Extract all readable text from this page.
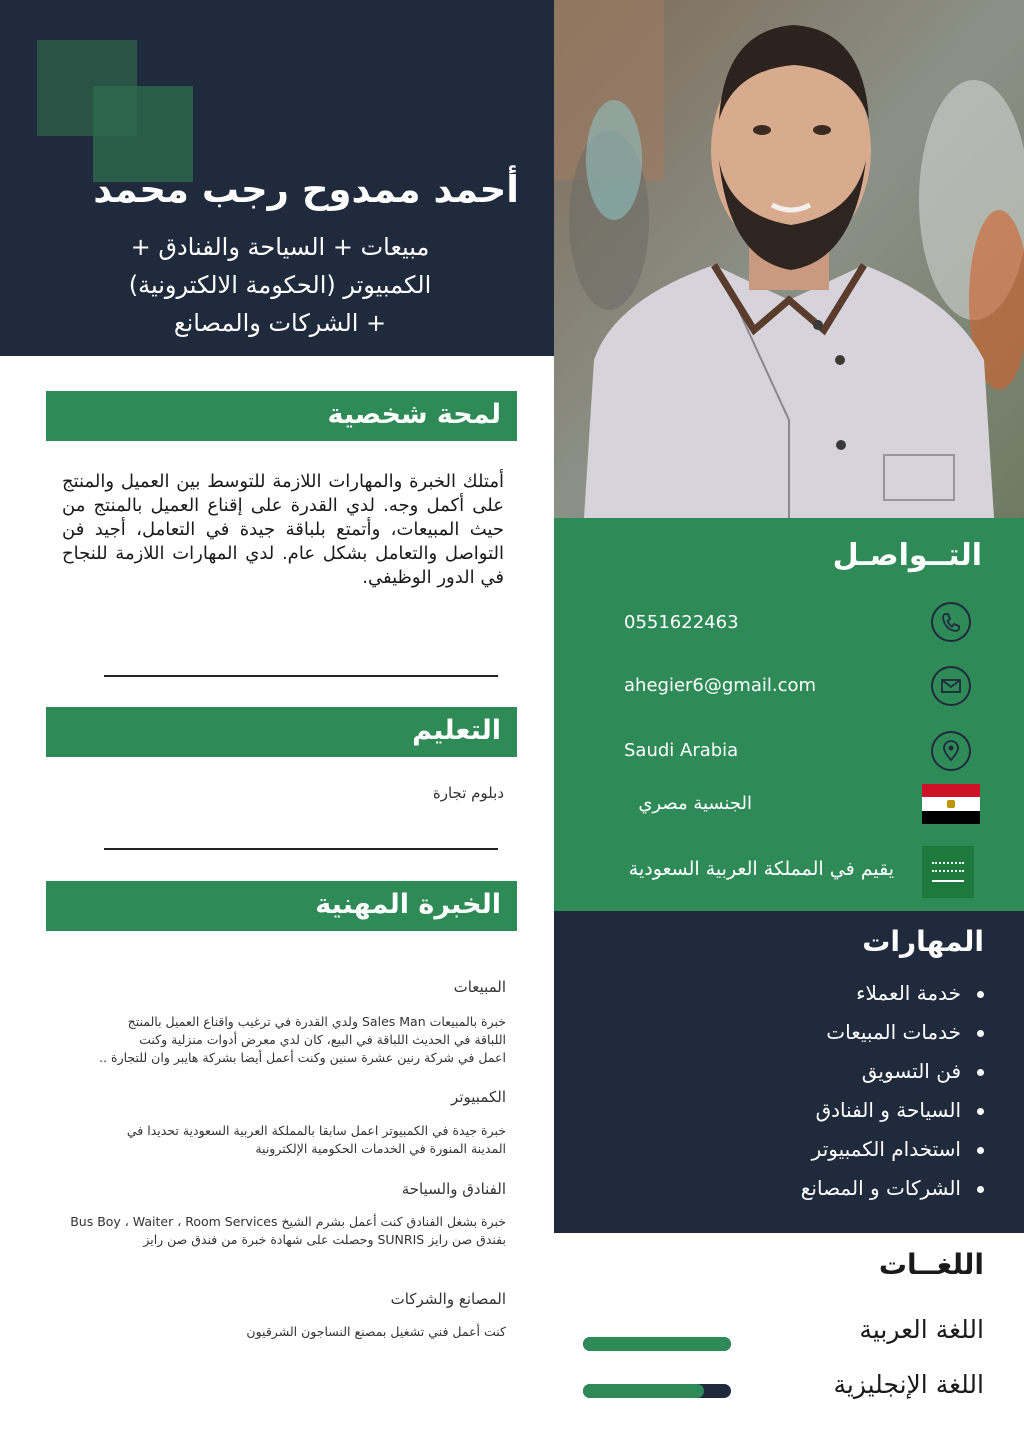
أحمد ممدوح رجب محمد
مبيعات + السياحة والفنادق +
الكمبيوتر (الحكومة الالكترونية)
+ الشركات والمصانع
لمحة شخصية
أمتلك الخبرة والمهارات اللازمة للتوسط بين العميل والمنتج على أكمل وجه. لدي القدرة على إقناع العميل بالمنتج من حيث المبيعات، وأتمتع بلباقة جيدة في التعامل، أجيد فن التواصل والتعامل بشكل عام. لدي المهارات اللازمة للنجاح في الدور الوظيفي.
التعليم
دبلوم تجارة
الخبرة المهنية
المبيعات
خبرة بالمبيعات Sales Man ولدي القدرة في ترغيب واقناع العميل بالمنتج
اللباقة في الحديث اللباقة في البيع، كان لدي معرض أدوات منزلية وكنت
اعمل في شركة رنين عشرة سنين وكنت أعمل أيضا بشركة هايبر وان للتجارة ..
الكمبيوتر
خبرة جيدة في الكمبيوتر اعمل سابقا بالمملكة العربية السعودية تحديدا في
المدينة المنورة في الخدمات الحكومية الإلكترونية
الفنادق والسياحة
خبرة بشغل الفنادق كنت أعمل بشرم الشيخ Bus Boy ، Waiter ، Room Services
بفندق صن رايز SUNRIS وحصلت على شهادة خبرة من فندق صن رايز
المصانع والشركات
كنت أعمل فني تشغيل بمصنع النساجون الشرقيون
التــواصـل
0551622463
ahegier6@gmail.com
Saudi Arabia
الجنسية مصري
يقيم في المملكة العربية السعودية
المهارات
خدمة العملاء
خدمات المبيعات
فن التسويق
السياحة و الفنادق
استخدام الكمبيوتر
الشركات و المصانع
اللغــات
اللغة العربية
اللغة الإنجليزية
